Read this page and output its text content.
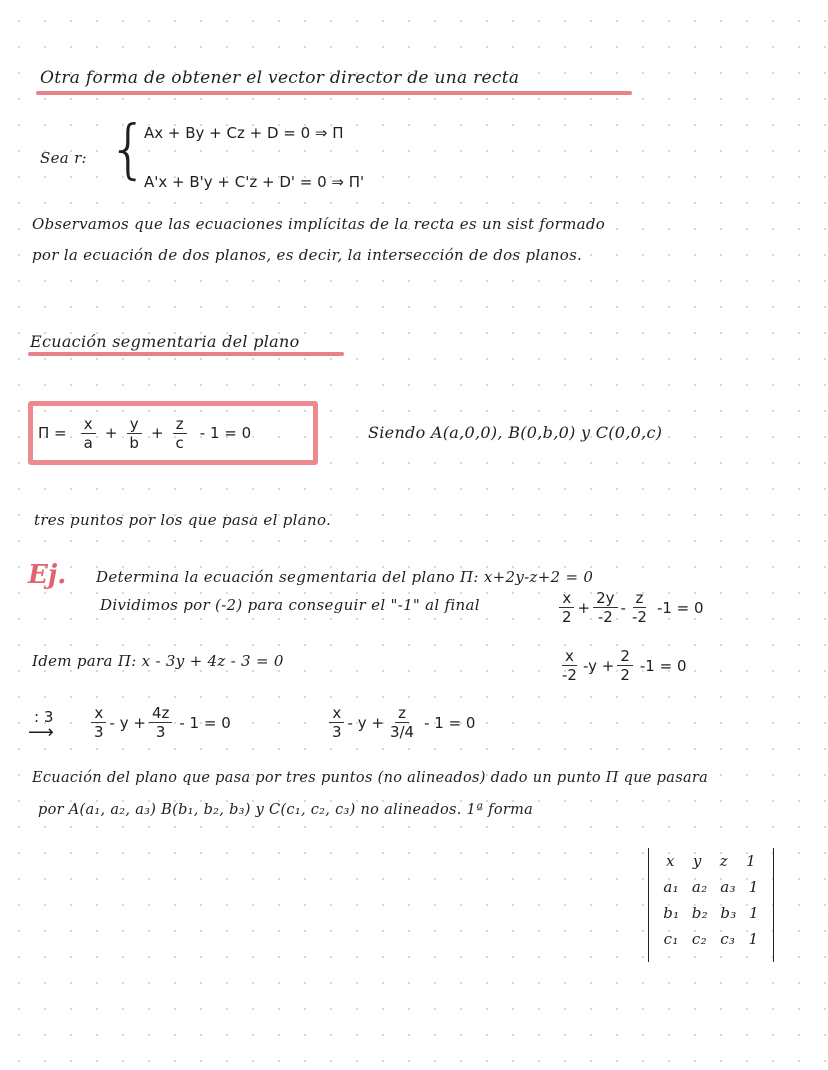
Otra forma de obtener el vector director de una recta
Sea r: {
Ax + By + Cz + D = 0 ⇒ Π
A'x + B'y + C'z + D' = 0 ⇒ Π'
Observamos que las ecuaciones implícitas de la recta es un sist formado
por la ecuación de dos planos, es decir, la intersección de dos planos.
Ecuación segmentaria del plano
$\Pi = \frac{x}{a} + \frac{y}{b} + \frac{z}{c} - 1 = 0$	Siendo A(a,0,0), B(0,b,0) y C(0,0,c)
tres puntos por los que pasa el plano.
Ej. Determina la ecuación segmentaria del plano Π: x+2y-z+2 = 0
Dividimos por (-2) para conseguir el "-1" al final	$\frac{x}{2} + \frac{2y}{-2} - \frac{z}{-2} -1 = 0$
Idem para Π: x - 3y + 4z - 3 = 0	$\frac{x}{-2} -y + \frac{2}{2} -1 = 0$
: 3
⟶ $\frac{x}{3} - y + \frac{4z}{3} - 1 = 0$	$\frac{x}{3} - y + \frac{z}{3/4} - 1 = 0$
Ecuación del plano que pasa por tres puntos (no alineados) dado un punto Π que pasara
por A(a₁, a₂, a₃) B(b₁, b₂, b₃) y C(c₁, c₂, c₃) no alineados. 1ª forma
x y z 1
a₁ a₂ a₃ 1
b₁ b₂ b₃ 1
c₁ c₂ c₃ 1
